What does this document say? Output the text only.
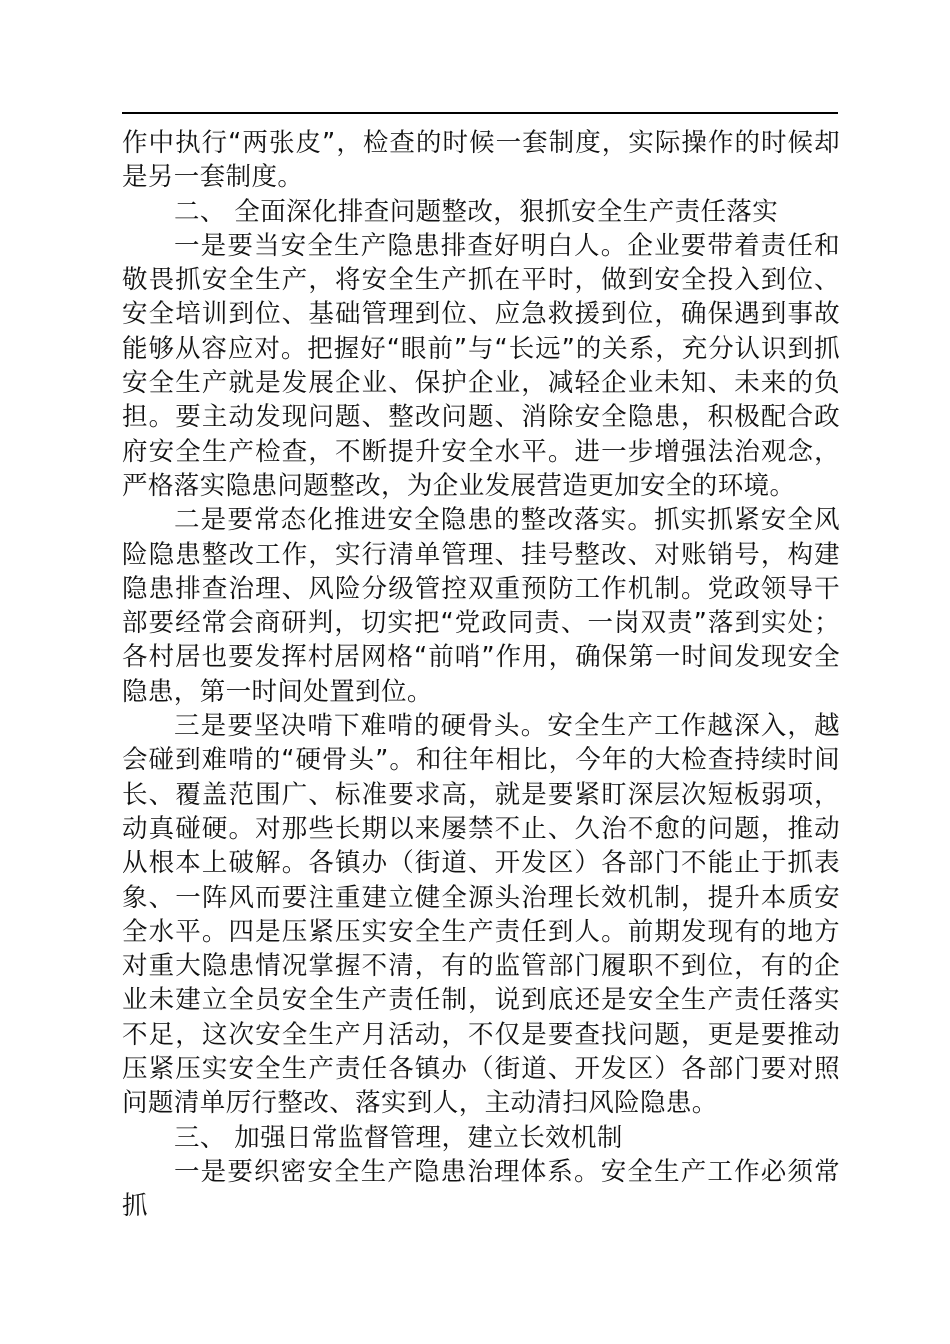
作中执行“两张皮”，检查的时候一套制度，实际操作的时候却是另一套制度。

二、 全面深化排查问题整改，狠抓安全生产责任落实

一是要当安全生产隐患排查好明白人。企业要带着责任和敬畏抓安全生产，将安全生产抓在平时，做到安全投入到位、安全培训到位、基础管理到位、应急救援到位，确保遇到事故能够从容应对。把握好“眼前”与“长远”的关系，充分认识到抓安全生产就是发展企业、保护企业，减轻企业未知、未来的负担。要主动发现问题、整改问题、消除安全隐患，积极配合政府安全生产检查，不断提升安全水平。进一步增强法治观念，严格落实隐患问题整改，为企业发展营造更加安全的环境。

二是要常态化推进安全隐患的整改落实。抓实抓紧安全风险隐患整改工作，实行清单管理、挂号整改、对账销号，构建隐患排查治理、风险分级管控双重预防工作机制。党政领导干部要经常会商研判，切实把“党政同责、一岗双责”落到实处；各村居也要发挥村居网格“前哨”作用，确保第一时间发现安全隐患，第一时间处置到位。

三是要坚决啃下难啃的硬骨头。安全生产工作越深入，越会碰到难啃的“硬骨头”。和往年相比，今年的大检查持续时间长、覆盖范围广、标准要求高，就是要紧盯深层次短板弱项，动真碰硬。对那些长期以来屡禁不止、久治不愈的问题，推动从根本上破解。各镇办（街道、开发区）各部门不能止于抓表象、一阵风而要注重建立健全源头治理长效机制，提升本质安全水平。四是压紧压实安全生产责任到人。前期发现有的地方对重大隐患情况掌握不清，有的监管部门履职不到位，有的企业未建立全员安全生产责任制，说到底还是安全生产责任落实不足，这次安全生产月活动，不仅是要查找问题，更是要推动压紧压实安全生产责任各镇办（街道、开发区）各部门要对照问题清单厉行整改、落实到人，主动清扫风险隐患。

三、 加强日常监督管理，建立长效机制

一是要织密安全生产隐患治理体系。安全生产工作必须常抓
